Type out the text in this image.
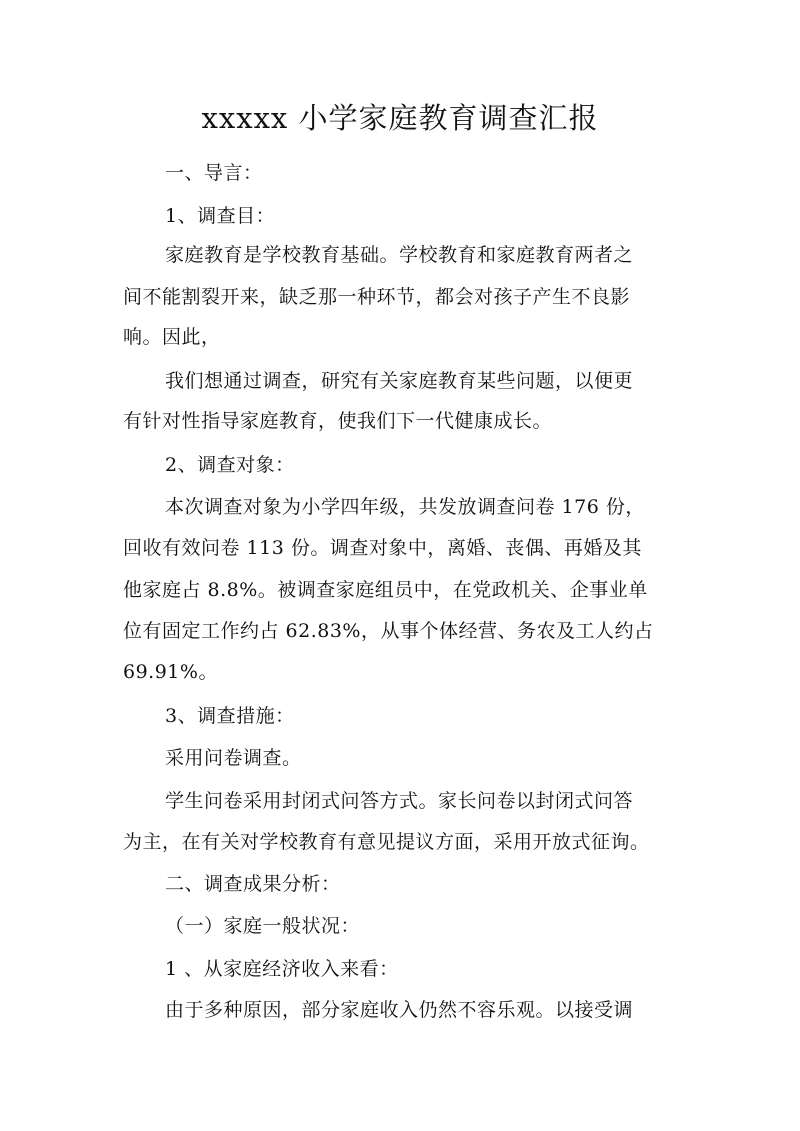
xxxxx 小学家庭教育调查汇报
一、导言：
1、调查目：
家庭教育是学校教育基础。学校教育和家庭教育两者之
间不能割裂开来，缺乏那一种环节，都会对孩子产生不良影
响。因此，
我们想通过调查，研究有关家庭教育某些问题，以便更
有针对性指导家庭教育，使我们下一代健康成长。
2、调查对象：
本次调查对象为小学四年级，共发放调查问卷 176 份，
回收有效问卷 113 份。调查对象中，离婚、丧偶、再婚及其
他家庭占 8.8%。被调查家庭组员中，在党政机关、企事业单
位有固定工作约占 62.83%，从事个体经营、务农及工人约占
69.91%。
3、调查措施：
采用问卷调查。
学生问卷采用封闭式问答方式。家长问卷以封闭式问答
为主，在有关对学校教育有意见提议方面，采用开放式征询。
二、调查成果分析：
（一）家庭一般状况：
1 、从家庭经济收入来看：
由于多种原因，部分家庭收入仍然不容乐观。以接受调
